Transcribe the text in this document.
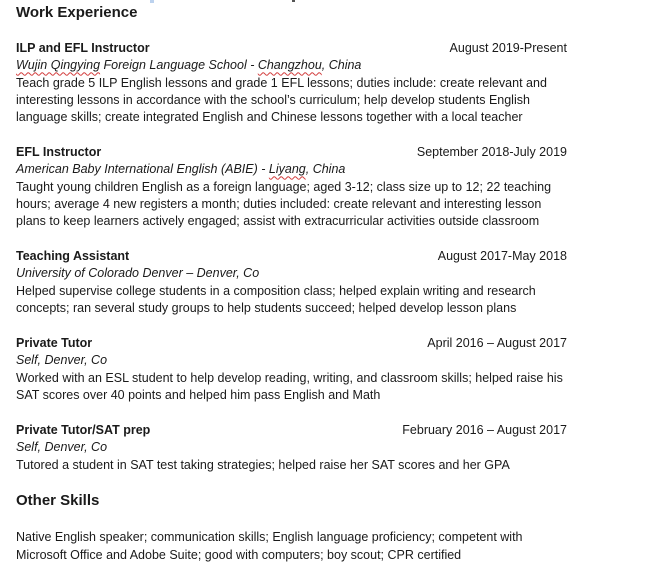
Work Experience
ILP and EFL Instructor	August 2019-Present
Wujin Qingying Foreign Language School - Changzhou, China

Teach grade 5 ILP English lessons and grade 1 EFL lessons; duties include: create relevant and interesting lessons in accordance with the school’s curriculum; help develop students English language skills; create integrated English and Chinese lessons together with a local teacher

EFL Instructor	September 2018-July 2019
American Baby International English (ABIE) - Liyang, China

Taught young children English as a foreign language; aged 3-12; class size up to 12; 22 teaching hours; average 4 new registers a month; duties included: create relevant and interesting lesson plans to keep learners actively engaged; assist with extracurricular activities outside classroom

Teaching Assistant	August 2017-May 2018
University of Colorado Denver – Denver, Co

Helped supervise college students in a composition class; helped explain writing and research concepts; ran several study groups to help students succeed; helped develop lesson plans

Private Tutor	April 2016 – August 2017
Self, Denver, Co

Worked with an ESL student to help develop reading, writing, and classroom skills; helped raise his SAT scores over 40 points and helped him pass English and Math

Private Tutor/SAT prep	February 2016 – August 2017
Self, Denver, Co

Tutored a student in SAT test taking strategies; helped raise her SAT scores and her GPA

Other Skills

Native English speaker; communication skills; English language proficiency; competent with Microsoft Office and Adobe Suite; good with computers; boy scout; CPR certified
